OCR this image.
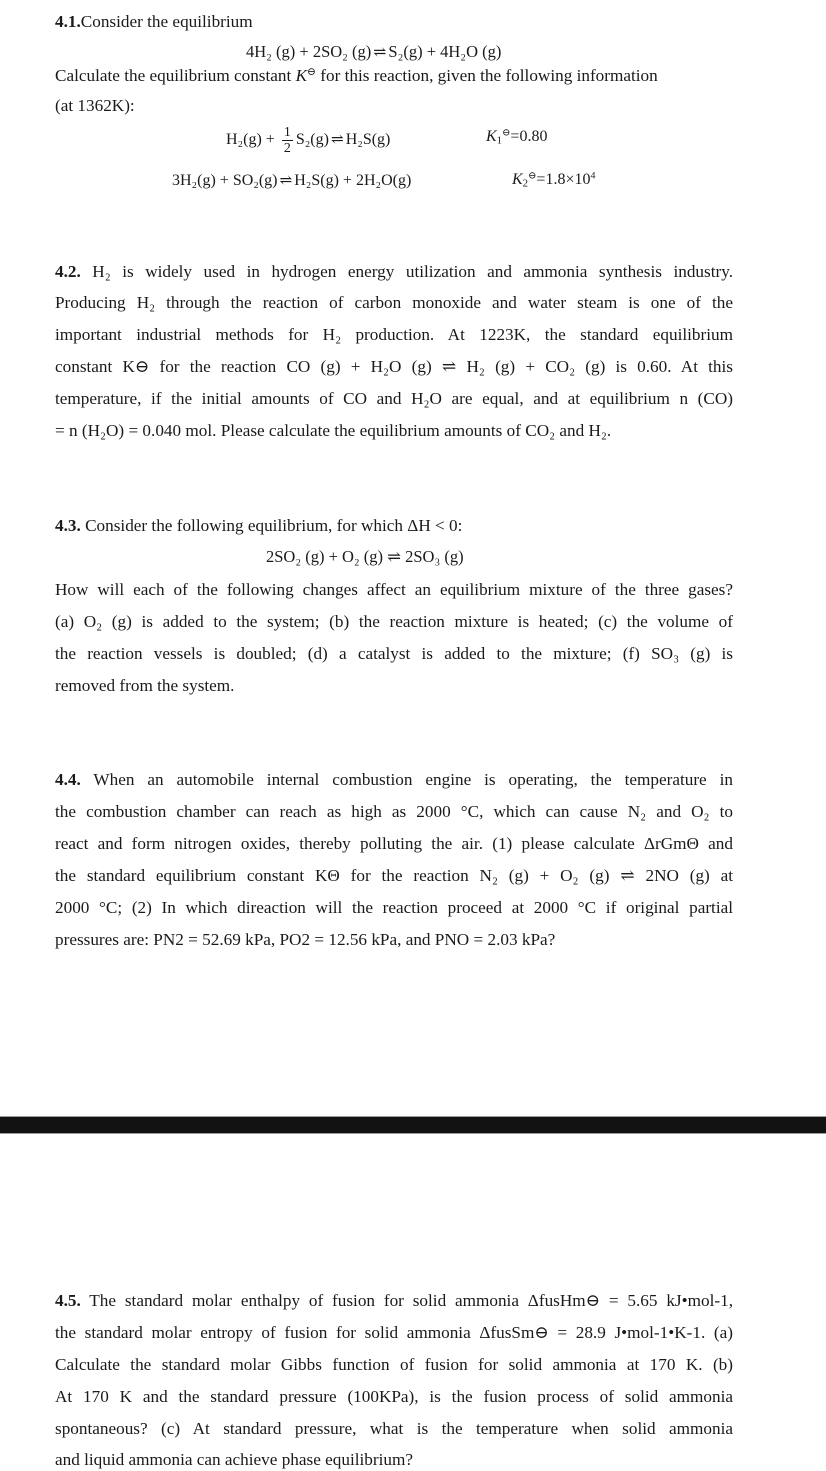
4.1.Consider the equilibrium
4H₂ (g) + 2SO₂ (g) ⇌ S₂(g) + 4H₂O (g)
Calculate the equilibrium constant K⊖ for this reaction, given the following information
(at 1362K):
$H_2(g) + \frac{1}{2} S_2(g)$ ⇌ H₂S(g)	$K_1^⊖=0.80$
3H₂(g) + SO₂(g) ⇌ H₂S(g) + 2H₂O(g)	$K_2^⊖=1.8\times 10^4$
4.2. H₂ is widely used in hydrogen energy utilization and ammonia synthesis industry.
Producing H₂ through the reaction of carbon monoxide and water steam is one of the
important industrial methods for H₂ production. At 1223K, the standard equilibrium
constant K⊖ for the reaction CO (g) + H₂O (g) ⇌ H₂ (g) + CO₂ (g) is 0.60. At this
temperature, if the initial amounts of CO and H₂O are equal, and at equilibrium n (CO)
= n (H₂O) = 0.040 mol. Please calculate the equilibrium amounts of CO₂ and H₂.
4.3. Consider the following equilibrium, for which ΔH < 0:
2SO₂ (g) + O₂ (g) ⇌ 2SO₃ (g)
How will each of the following changes affect an equilibrium mixture of the three gases?
(a) O₂ (g) is added to the system; (b) the reaction mixture is heated; (c) the volume of
the reaction vessels is doubled; (d) a catalyst is added to the mixture; (f) SO₃ (g) is
removed from the system.
4.4. When an automobile internal combustion engine is operating, the temperature in
the combustion chamber can reach as high as 2000 °C, which can cause N₂ and O₂ to
react and form nitrogen oxides, thereby polluting the air. (1) please calculate ΔrGmΘ and
the standard equilibrium constant KΘ for the reaction N₂ (g) + O₂ (g) ⇌ 2NO (g) at
2000 °C; (2) In which direaction will the reaction proceed at 2000 °C if original partial
pressures are: PN2 = 52.69 kPa, PO2 = 12.56 kPa, and PNO = 2.03 kPa?
4.5. The standard molar enthalpy of fusion for solid ammonia ΔfusHm⊖ = 5.65 kJ•mol-1,
the standard molar entropy of fusion for solid ammonia ΔfusSm⊖ = 28.9 J•mol-1•K-1. (a)
Calculate the standard molar Gibbs function of fusion for solid ammonia at 170 K. (b)
At 170 K and the standard pressure (100KPa), is the fusion process of solid ammonia
spontaneous? (c) At standard pressure, what is the temperature when solid ammonia
and liquid ammonia can achieve phase equilibrium?
